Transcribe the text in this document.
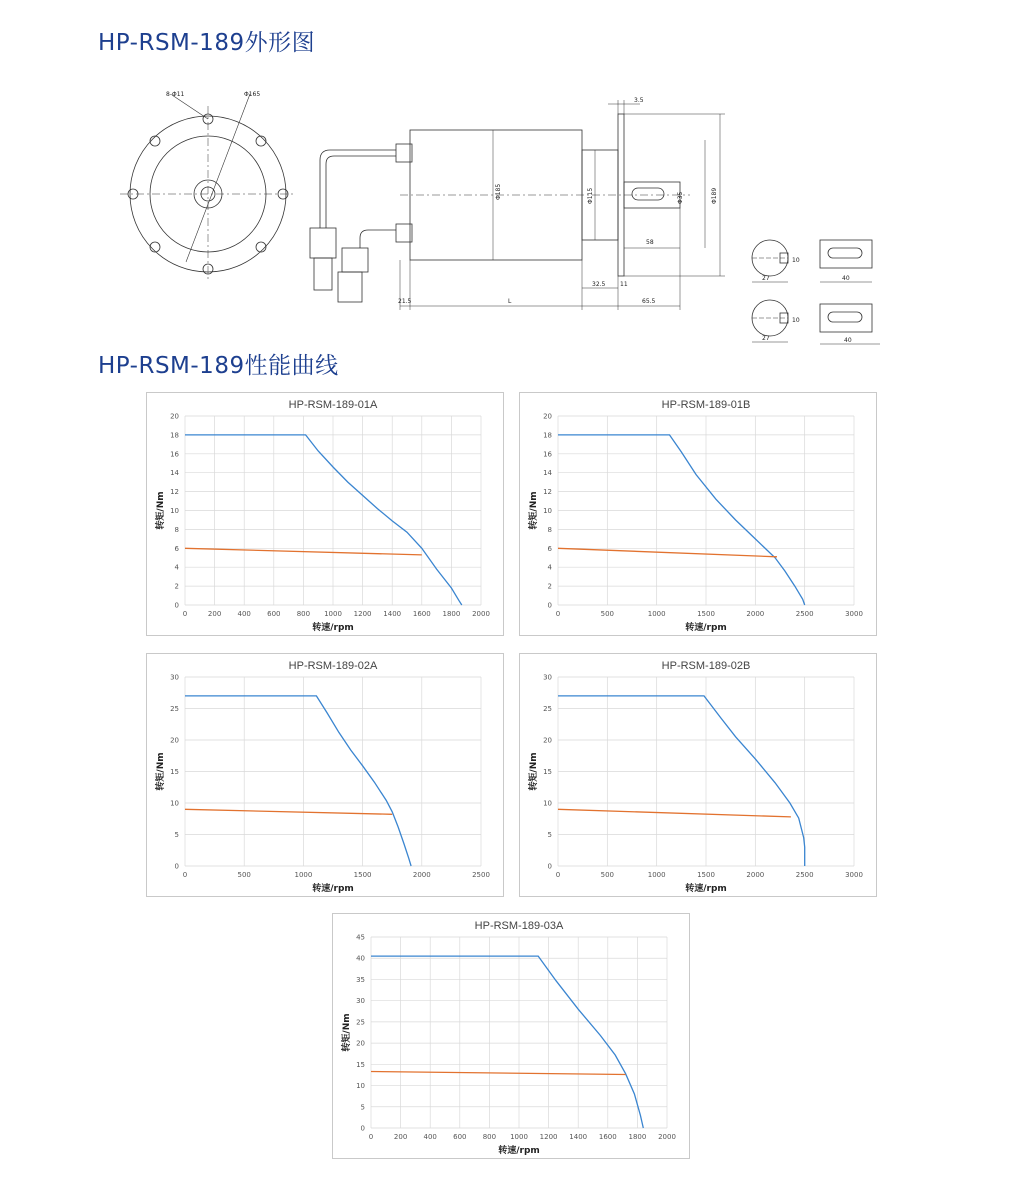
HP-RSM-189外形图
HP-RSM-189性能曲线
8-Φ11	Φ165
Φ185	Φ115	Φ35	Φ189
3.5
58
32.5 11
65.5
L
21.5
27
10
40
27
10
40
HP-RSM-189-01A
0	200 400 600 800 1000 1200 1400 1600 1800 2000
0
2
4
6
8
10
12
14
16
18
20
转速/rpm
转矩/Nm
HP-RSM-189-01B
0	500	1000	1500	2000	2500	3000
0
2
4
6
8
10
12
14
16
18
20
转速/rpm
转矩/Nm
HP-RSM-189-02A
0	500	1000	1500	2000	2500
0
5
10
15
20
25
30
转速/rpm
转矩/Nm
HP-RSM-189-02B
0	500	1000	1500	2000	2500	3000
0
5
10
15
20
25
30
转速/rpm
转矩/Nm
HP-RSM-189-03A
0	200 400 600 800 1000 1200 1400 1600 1800 2000
0
5
10
15
20
25
30
35
40
45
转速/rpm
转矩/Nm
